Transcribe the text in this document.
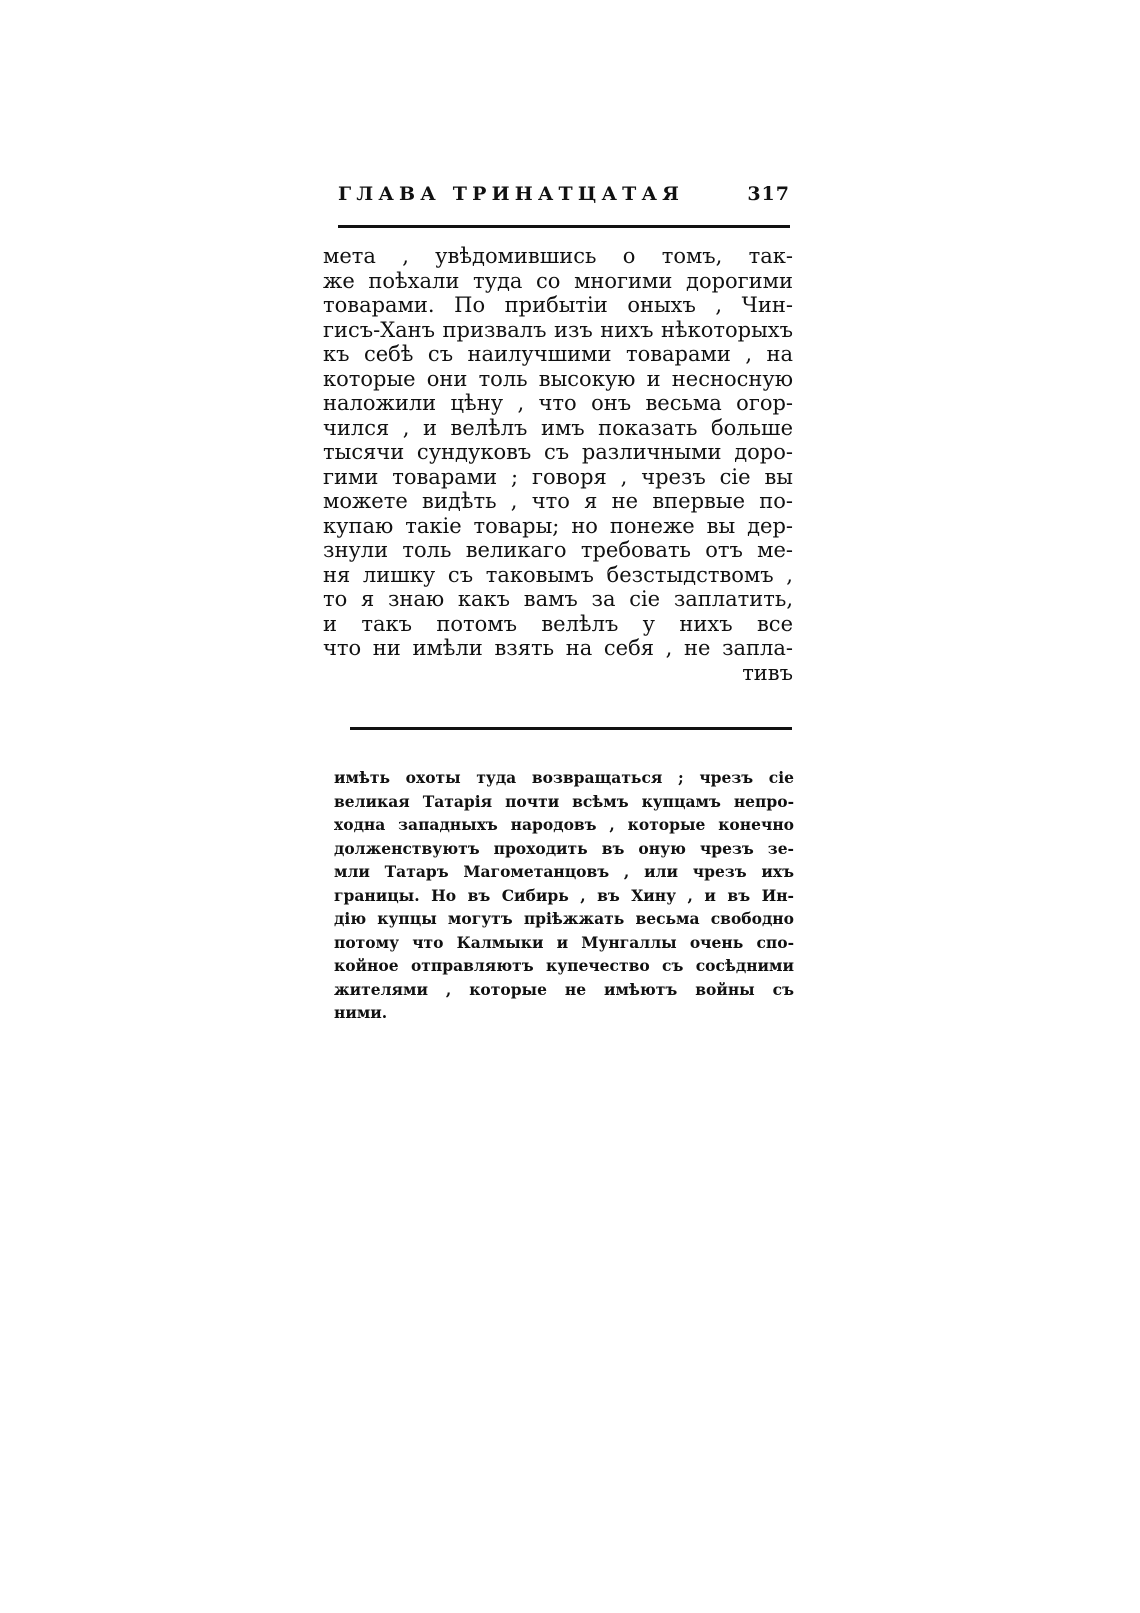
ГЛАВА ТРИНАТЦАТАЯ	317
мета , увѣдомившись о томъ, так-
же поѣхали туда со многими дорогими
товарами. По прибытіи оныхъ , Чин-
гисъ-Ханъ призвалъ изъ нихъ нѣкоторыхъ
къ себѣ съ наилучшими товарами , на
которые они толь высокую и несносную
наложили цѣну , что онъ весьма огор-
чился , и велѣлъ имъ показать больше
тысячи сундуковъ съ различными доро-
гими товарами ; говоря , чрезъ сіе вы
можете видѣть , что я не впервые по-
купаю такіе товары; но понеже вы дер-
знули толь великаго требовать отъ ме-
ня лишку съ таковымъ безстыдствомъ ,
то я знаю какъ вамъ за сіе заплатить,
и такъ потомъ велѣлъ у нихъ все
что ни имѣли взять на себя , не запла-
тивъ
имѣть охоты туда возвращаться ; чрезъ сіе
великая Татарія почти всѣмъ купцамъ непро-
ходна западныхъ народовъ , которые конечно
долженствуютъ проходить въ оную чрезъ зе-
мли Татаръ Магометанцовъ , или чрезъ ихъ
границы. Но въ Сибирь , въ Хину , и въ Ин-
дію купцы могутъ пріѣжжать весьма свободно
потому что Калмыки и Мунгаллы очень спо-
койное отправляютъ купечество съ сосѣдними
жителями , которые не имѣютъ войны съ
ними.
